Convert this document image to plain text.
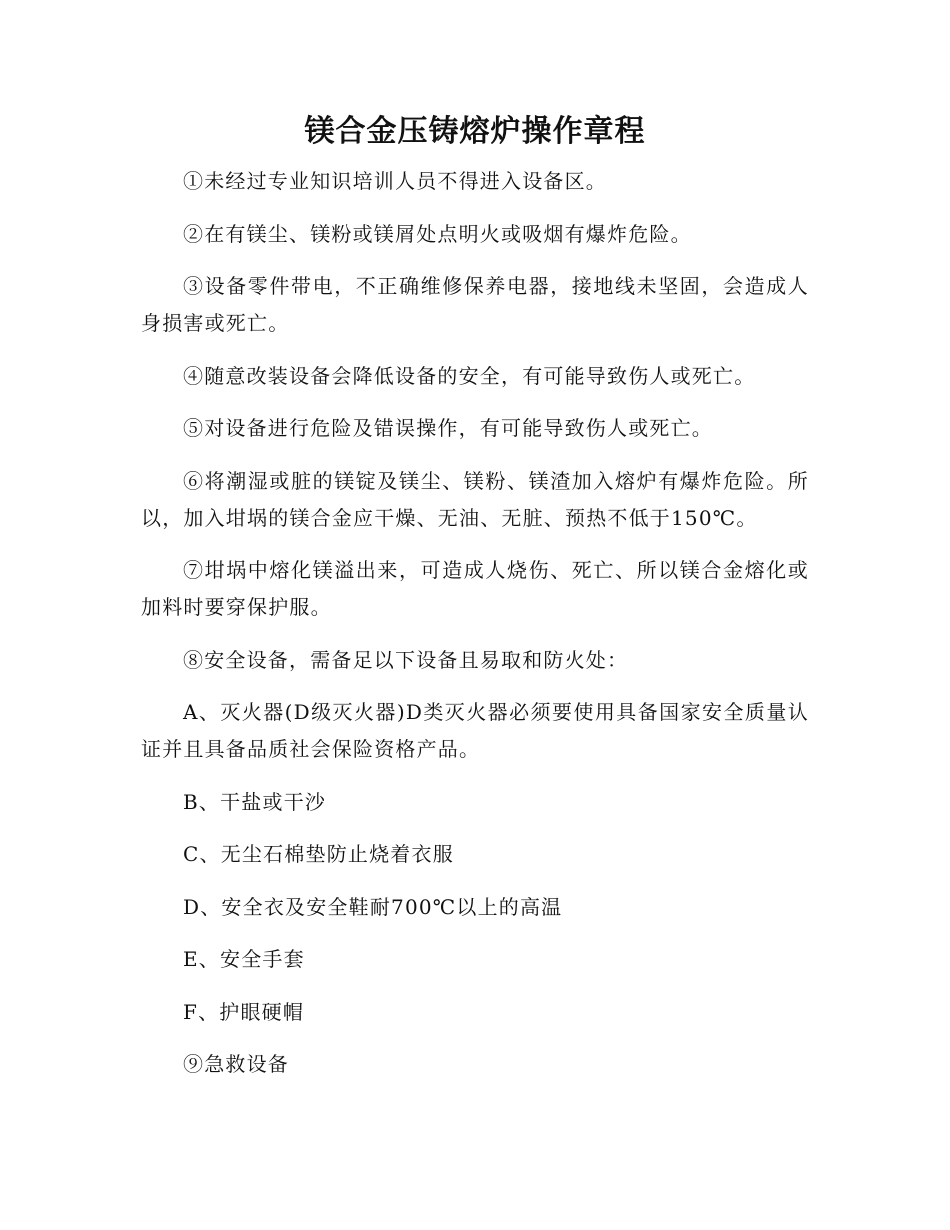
镁合金压铸熔炉操作章程

①未经过专业知识培训人员不得进入设备区。

②在有镁尘、镁粉或镁屑处点明火或吸烟有爆炸危险。

③设备零件带电，不正确维修保养电器，接地线未坚固，会造成人身损害或死亡。

④随意改装设备会降低设备的安全，有可能导致伤人或死亡。

⑤对设备进行危险及错误操作，有可能导致伤人或死亡。

⑥将潮湿或脏的镁锭及镁尘、镁粉、镁渣加入熔炉有爆炸危险。所以，加入坩埚的镁合金应干燥、无油、无脏、预热不低于150℃。

⑦坩埚中熔化镁溢出来，可造成人烧伤、死亡、所以镁合金熔化或加料时要穿保护服。

⑧安全设备，需备足以下设备且易取和防火处：

A、灭火器(D级灭火器)D类灭火器必须要使用具备国家安全质量认证并且具备品质社会保险资格产品。

B、干盐或干沙

C、无尘石棉垫防止烧着衣服

D、安全衣及安全鞋耐700℃以上的高温

E、安全手套

F、护眼硬帽

⑨急救设备
